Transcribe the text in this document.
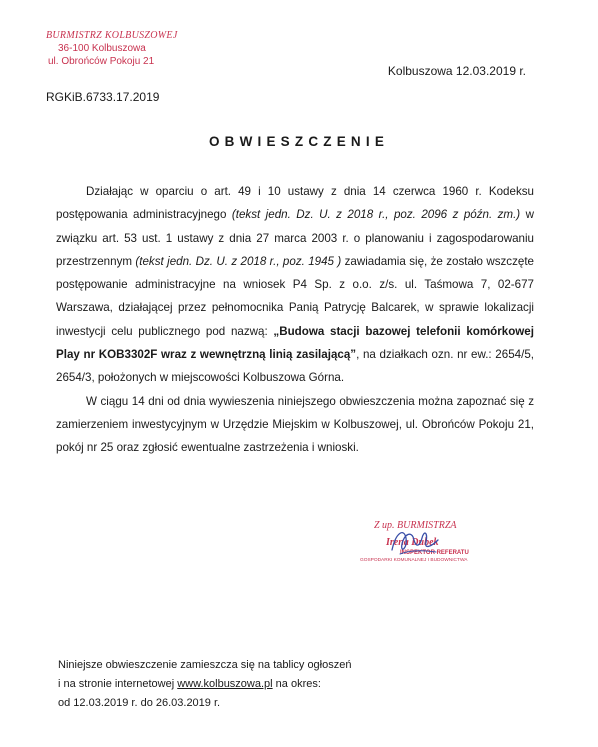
BURMISTRZ KOLBUSZOWEJ
36-100 Kolbuszowa
ul. Obrońców Pokoju 21
Kolbuszowa 12.03.2019 r.
RGKiB.6733.17.2019
OBWIESZCZENIE

Działając w oparciu o art. 49 i 10 ustawy z dnia 14 czerwca 1960 r. Kodeksu postępowania administracyjnego (tekst jedn. Dz. U. z 2018 r., poz. 2096 z późn. zm.) w związku art. 53 ust. 1 ustawy z dnia 27 marca 2003 r. o planowaniu i zagospodarowaniu przestrzennym (tekst jedn. Dz. U. z 2018 r., poz. 1945 ) zawiadamia się, że zostało wszczęte postępowanie administracyjne na wniosek P4 Sp. z o.o. z/s. ul. Taśmowa 7, 02-677 Warszawa, działającej przez pełnomocnika Panią Patrycję Balcarek, w sprawie lokalizacji inwestycji celu publicznego pod nazwą: „Budowa stacji bazowej telefonii komórkowej Play nr KOB3302F wraz z wewnętrzną linią zasilającą”, na działkach ozn. nr ew.: 2654/5, 2654/3, położonych w miejscowości Kolbuszowa Górna.

W ciągu 14 dni od dnia wywieszenia niniejszego obwieszczenia można zapoznać się z zamierzeniem inwestycyjnym w Urzędzie Miejskim w Kolbuszowej, ul. Obrońców Pokoju 21, pokój nr 25 oraz zgłosić ewentualne zastrzeżenia i wnioski.

Z up. BURMISTRZA
Irena Dubek
INSPEKTOR REFERATU
GOSPODARKI KOMUNALNEJ I BUDOWNICTWA
Niniejsze obwieszczenie zamieszcza się na tablicy ogłoszeń
i na stronie internetowej www.kolbuszowa.pl na okres:
od 12.03.2019 r. do 26.03.2019 r.
